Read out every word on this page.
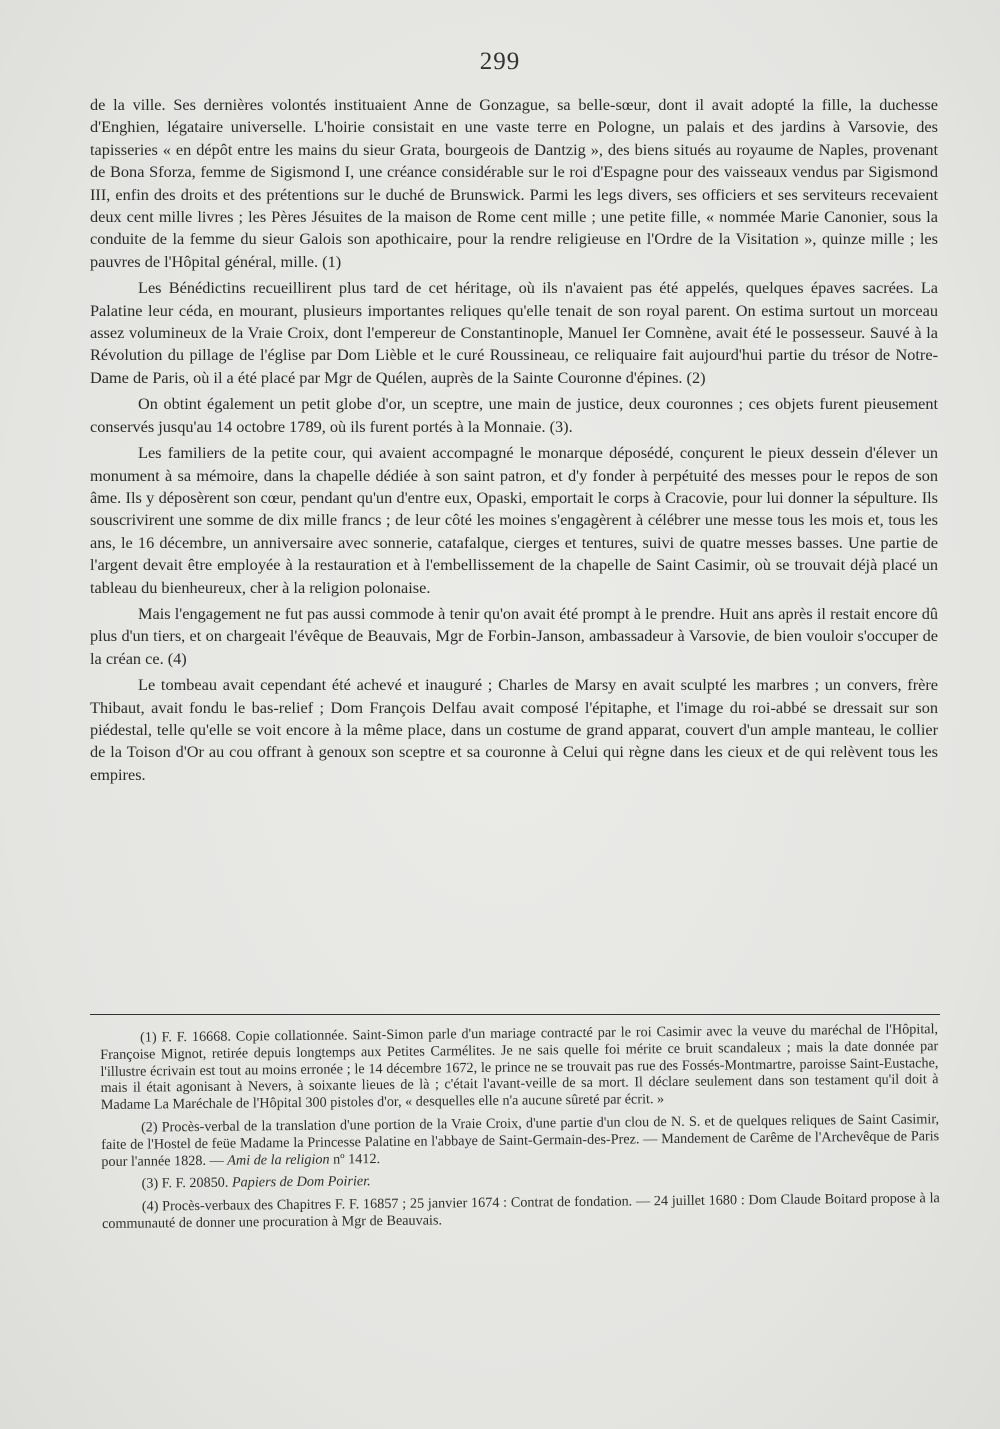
299

de la ville. Ses dernières volontés instituaient Anne de Gonzague, sa belle-sœur, dont il avait adopté la fille, la duchesse d'Enghien, légataire universelle. L'hoirie consistait en une vaste terre en Pologne, un palais et des jardins à Varsovie, des tapisseries « en dépôt entre les mains du sieur Grata, bourgeois de Dantzig », des biens situés au royaume de Naples, provenant de Bona Sforza, femme de Sigismond I, une créance considérable sur le roi d'Espagne pour des vaisseaux vendus par Sigismond III, enfin des droits et des prétentions sur le duché de Brunswick. Parmi les legs divers, ses officiers et ses serviteurs recevaient deux cent mille livres ; les Pères Jésuites de la maison de Rome cent mille ; une petite fille, « nommée Marie Canonier, sous la conduite de la femme du sieur Galois son apothicaire, pour la rendre religieuse en l'Ordre de la Visitation », quinze mille ; les pauvres de l'Hôpital général, mille. (1)

Les Bénédictins recueillirent plus tard de cet héritage, où ils n'avaient pas été appelés, quelques épaves sacrées. La Palatine leur céda, en mourant, plusieurs importantes reliques qu'elle tenait de son royal parent. On estima surtout un morceau assez volumineux de la Vraie Croix, dont l'empereur de Constantinople, Manuel Ier Comnène, avait été le possesseur. Sauvé à la Révolution du pillage de l'église par Dom Lièble et le curé Roussineau, ce reliquaire fait aujourd'hui partie du trésor de Notre-Dame de Paris, où il a été placé par Mgr de Quélen, auprès de la Sainte Couronne d'épines. (2)

On obtint également un petit globe d'or, un sceptre, une main de justice, deux couronnes ; ces objets furent pieusement conservés jusqu'au 14 octobre 1789, où ils furent portés à la Monnaie. (3).

Les familiers de la petite cour, qui avaient accompagné le monarque déposédé, conçurent le pieux dessein d'élever un monument à sa mémoire, dans la chapelle dédiée à son saint patron, et d'y fonder à perpétuité des messes pour le repos de son âme. Ils y déposèrent son cœur, pendant qu'un d'entre eux, Opaski, emportait le corps à Cracovie, pour lui donner la sépulture. Ils souscrivirent une somme de dix mille francs ; de leur côté les moines s'engagèrent à célébrer une messe tous les mois et, tous les ans, le 16 décembre, un anniversaire avec sonnerie, catafalque, cierges et tentures, suivi de quatre messes basses. Une partie de l'argent devait être employée à la restauration et à l'embellissement de la chapelle de Saint Casimir, où se trouvait déjà placé un tableau du bienheureux, cher à la religion polonaise.

Mais l'engagement ne fut pas aussi commode à tenir qu'on avait été prompt à le prendre. Huit ans après il restait encore dû plus d'un tiers, et on chargeait l'évêque de Beauvais, Mgr de Forbin-Janson, ambassadeur à Varsovie, de bien vouloir s'occuper de la créan ce. (4)

Le tombeau avait cependant été achevé et inauguré ; Charles de Marsy en avait sculpté les marbres ; un convers, frère Thibaut, avait fondu le bas-relief ; Dom François Delfau avait composé l'épitaphe, et l'image du roi-abbé se dressait sur son piédestal, telle qu'elle se voit encore à la même place, dans un costume de grand apparat, couvert d'un ample manteau, le collier de la Toison d'Or au cou offrant à genoux son sceptre et sa couronne à Celui qui règne dans les cieux et de qui relèvent tous les empires.

(1) F. F. 16668. Copie collationnée. Saint-Simon parle d'un mariage contracté par le roi Casimir avec la veuve du maréchal de l'Hôpital, Françoise Mignot, retirée depuis longtemps aux Petites Carmélites. Je ne sais quelle foi mérite ce bruit scandaleux ; mais la date donnée par l'illustre écrivain est tout au moins erronée ; le 14 décembre 1672, le prince ne se trouvait pas rue des Fossés-Montmartre, paroisse Saint-Eustache, mais il était agonisant à Nevers, à soixante lieues de là ; c'était l'avant-veille de sa mort. Il déclare seulement dans son testament qu'il doit à Madame La Maréchale de l'Hôpital 300 pistoles d'or, « desquelles elle n'a aucune sûreté par écrit. »

(2) Procès-verbal de la translation d'une portion de la Vraie Croix, d'une partie d'un clou de N. S. et de quelques reliques de Saint Casimir, faite de l'Hostel de feüe Madame la Princesse Palatine en l'abbaye de Saint-Germain-des-Prez. — Mandement de Carême de l'Archevêque de Paris pour l'année 1828. — Ami de la religion nº 1412.

(3) F. F. 20850. Papiers de Dom Poirier.

(4) Procès-verbaux des Chapitres F. F. 16857 ; 25 janvier 1674 : Contrat de fondation. — 24 juillet 1680 : Dom Claude Boitard propose à la communauté de donner une procuration à Mgr de Beauvais.
